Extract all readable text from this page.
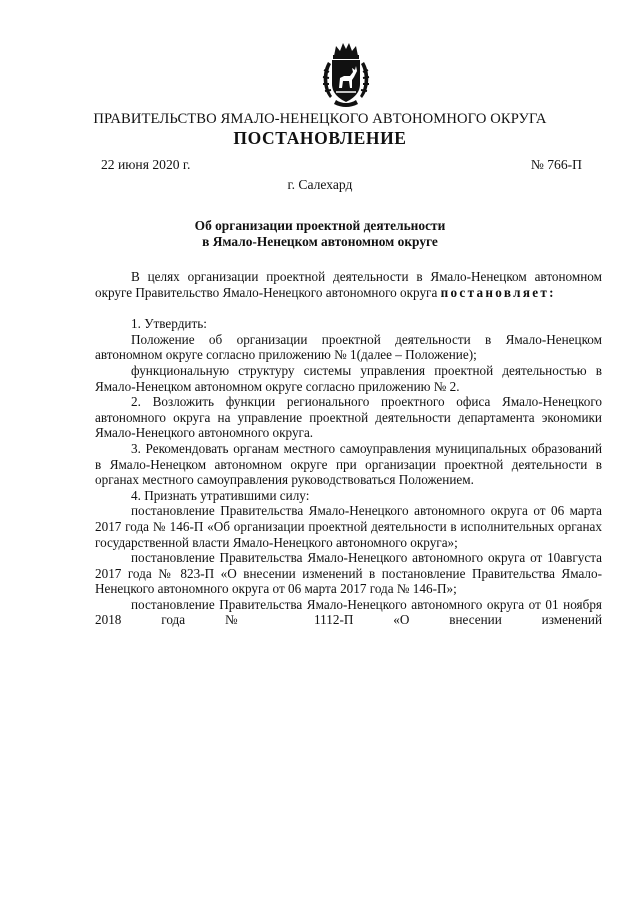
ПРАВИТЕЛЬСТВО ЯМАЛО-НЕНЕЦКОГО АВТОНОМНОГО ОКРУГА
ПОСТАНОВЛЕНИЕ
22 июня 2020 г.	№ 766-П
г. Салехард
Об организации проектной деятельности
в Ямало-Ненецком автономном округе

В целях организации проектной деятельности в Ямало-Ненецком автономном округе Правительство Ямало-Ненецкого автономного округа постановляет:

1. Утвердить:

Положение об организации проектной деятельности в Ямало-Ненецком автономном округе согласно приложению № 1(далее – Положение);

функциональную структуру системы управления проектной деятельностью в Ямало-Ненецком автономном округе согласно приложению № 2.

2. Возложить функции регионального проектного офиса Ямало-Ненецкого автономного округа на управление проектной деятельности департамента экономики Ямало-Ненецкого автономного округа.

3. Рекомендовать органам местного самоуправления муниципальных образований в Ямало-Ненецком автономном округе при организации проектной деятельности в органах местного самоуправления руководствоваться Положением.

4. Признать утратившими силу:

постановление Правительства Ямало-Ненецкого автономного округа от 06 марта 2017 года № 146-П «Об организации проектной деятельности в исполнительных органах государственной власти Ямало-Ненецкого автономного округа»;

постановление Правительства Ямало-Ненецкого автономного округа от 10августа 2017 года № 823-П «О внесении изменений в постановление Правительства Ямало-Ненецкого автономного округа от 06 марта 2017 года № 146-П»;

постановление Правительства Ямало-Ненецкого автономного округа от 01 ноября 2018 года № 1112-П «О внесении изменений
